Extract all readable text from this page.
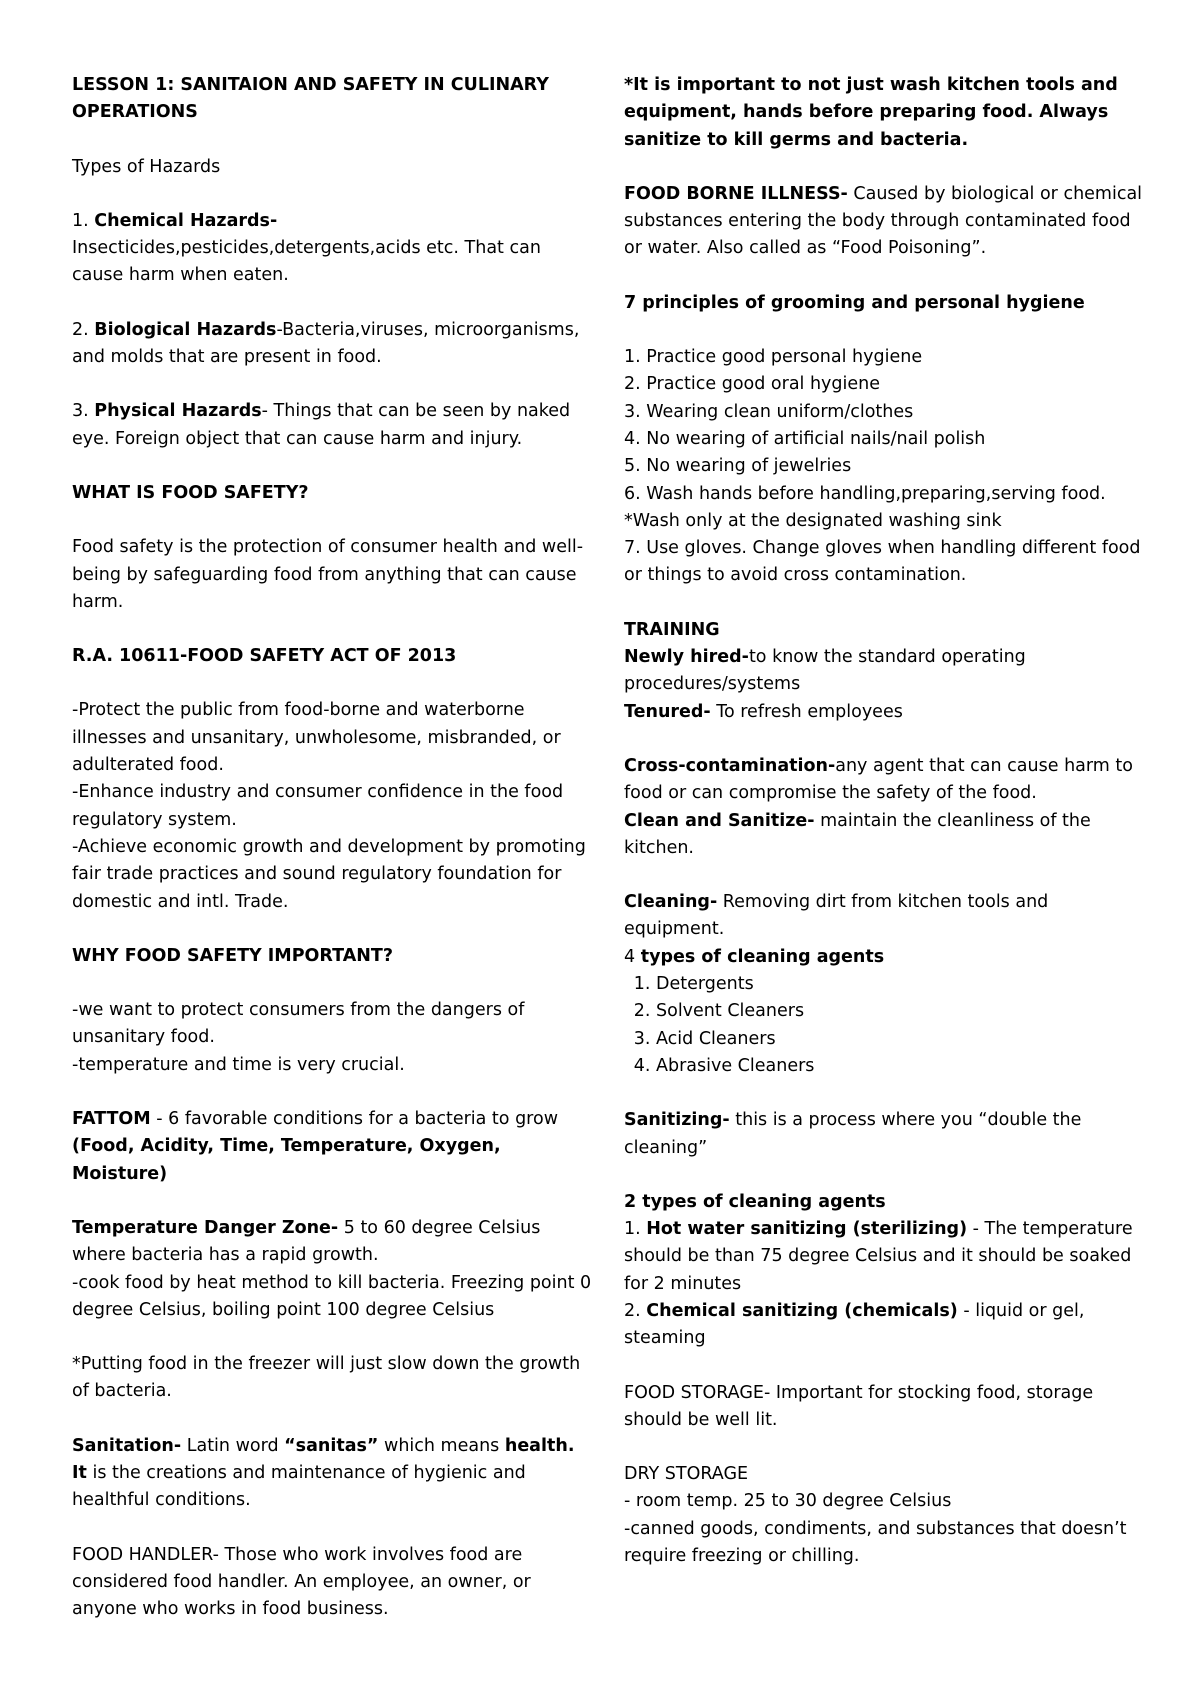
LESSON 1: SANITAION AND SAFETY IN CULINARY OPERATIONS

Types of Hazards

1. Chemical Hazards-
Insecticides,pesticides,detergents,acids etc. That can cause harm when eaten.

2. Biological Hazards-Bacteria,viruses, microorganisms, and molds that are present in food.

3. Physical Hazards- Things that can be seen by naked eye. Foreign object that can cause harm and injury.

WHAT IS FOOD SAFETY?

Food safety is the protection of consumer health and well-being by safeguarding food from anything that can cause harm.

R.A. 10611-FOOD SAFETY ACT OF 2013

-Protect the public from food-borne and waterborne illnesses and unsanitary, unwholesome, misbranded, or adulterated food.

-Enhance industry and consumer confidence in the food regulatory system.

-Achieve economic growth and development by promoting fair trade practices and sound regulatory foundation for domestic and intl. Trade.

WHY FOOD SAFETY IMPORTANT?

-we want to protect consumers from the dangers of unsanitary food.

-temperature and time is very crucial.

FATTOM - 6 favorable conditions for a bacteria to grow
(Food, Acidity, Time, Temperature, Oxygen, Moisture)

Temperature Danger Zone- 5 to 60 degree Celsius where bacteria has a rapid growth.

-cook food by heat method to kill bacteria. Freezing point 0 degree Celsius, boiling point 100 degree Celsius

*Putting food in the freezer will just slow down the growth of bacteria.

Sanitation- Latin word “sanitas” which means health. It is the creations and maintenance of hygienic and healthful conditions.

FOOD HANDLER- Those who work involves food are considered food handler. An employee, an owner, or anyone who works in food business.

*It is important to not just wash kitchen tools and equipment, hands before preparing food. Always sanitize to kill germs and bacteria.

FOOD BORNE ILLNESS- Caused by biological or chemical substances entering the body through contaminated food or water. Also called as “Food Poisoning”.

7 principles of grooming and personal hygiene

1. Practice good personal hygiene

2. Practice good oral hygiene

3. Wearing clean uniform/clothes

4. No wearing of artificial nails/nail polish

5. No wearing of jewelries

6. Wash hands before handling,preparing,serving food.

*Wash only at the designated washing sink

7. Use gloves. Change gloves when handling different food or things to avoid cross contamination.

TRAINING

Newly hired-to know the standard operating procedures/systems

Tenured- To refresh employees

Cross-contamination-any agent that can cause harm to food or can compromise the safety of the food.

Clean and Sanitize- maintain the cleanliness of the kitchen.

Cleaning- Removing dirt from kitchen tools and equipment.

4 types of cleaning agents

1. Detergents
2. Solvent Cleaners
3. Acid Cleaners
4. Abrasive Cleaners

Sanitizing- this is a process where you “double the cleaning”

2 types of cleaning agents

1. Hot water sanitizing (sterilizing) - The temperature should be than 75 degree Celsius and it should be soaked for 2 minutes

2. Chemical sanitizing (chemicals) - liquid or gel, steaming

FOOD STORAGE- Important for stocking food, storage should be well lit.

DRY STORAGE

- room temp. 25 to 30 degree Celsius

-canned goods, condiments, and substances that doesn’t require freezing or chilling.
